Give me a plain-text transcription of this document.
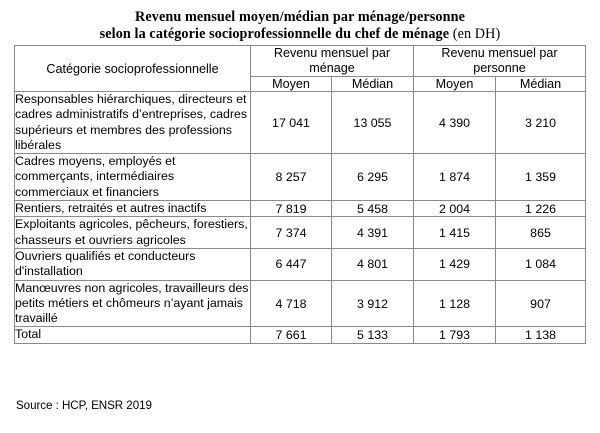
Revenu mensuel moyen/médian par ménage/personne
selon la catégorie socioprofessionnelle du chef de ménage (en DH)
Catégorie socioprofessionnelle	Revenu mensuel par ménage		Revenu mensuel par personne	
	Moyen	Médian	Moyen	Médian
Responsables hiérarchiques, directeurs et cadres administratifs d’entreprises, cadres supérieurs et membres des professions libérales	17 041	13 055	4 390	3 210
Cadres moyens, employés et commerçants, intermédiaires commerciaux et financiers	8 257	6 295	1 874	1 359
Rentiers, retraités et autres inactifs	7 819	5 458	2 004	1 226
Exploitants agricoles, pêcheurs, forestiers, chasseurs et ouvriers agricoles	7 374	4 391	1 415	865
Ouvriers qualifiés et conducteurs d'installation	6 447	4 801	1 429	1 084
Manœuvres non agricoles, travailleurs des petits métiers et chômeurs n’ayant jamais travaillé	4 718	3 912	1 128	907
Total	7 661	5 133	1 793	1 138
Source : HCP, ENSR 2019
